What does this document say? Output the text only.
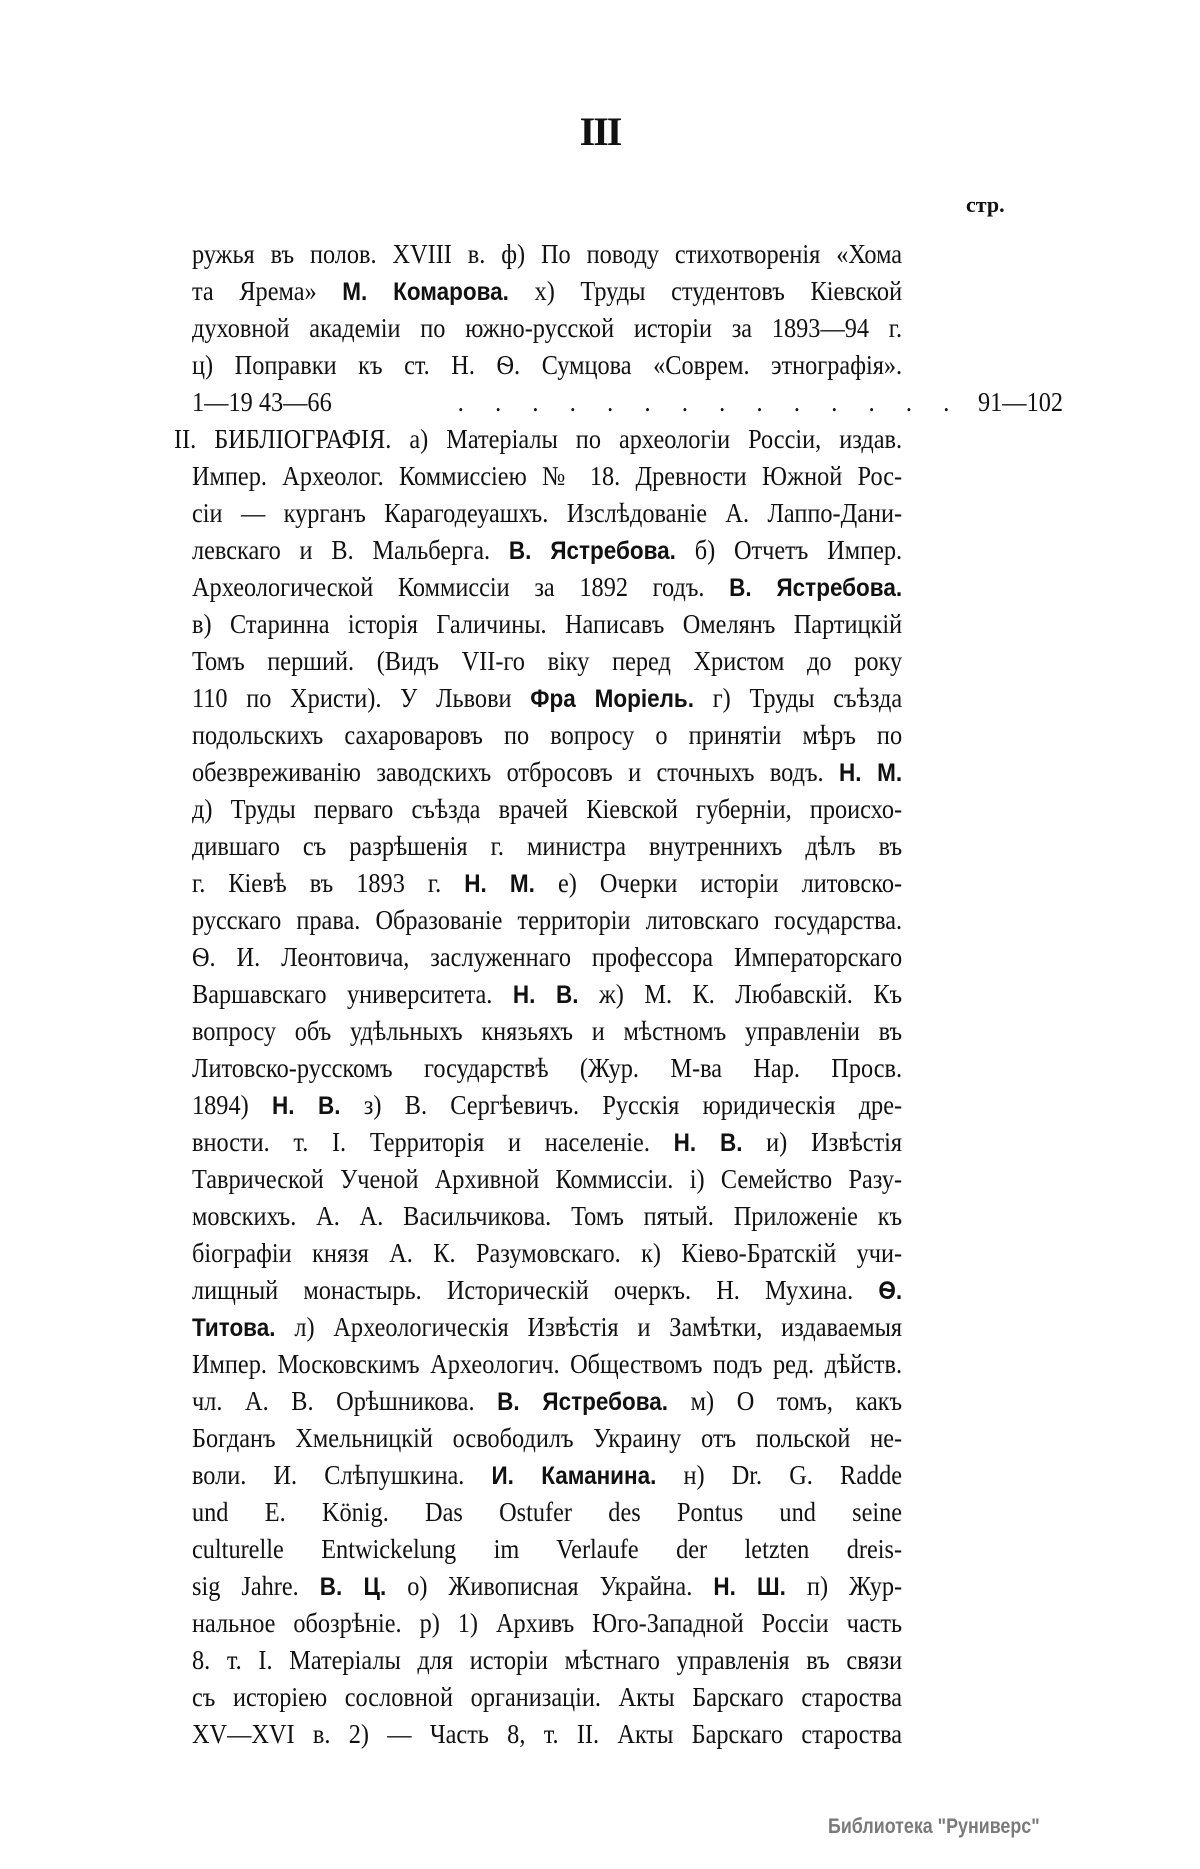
III
стр.
ружья въ полов. XVIII в. ф) По поводу стихотворенія «Хома
та Ярема» М. Комарова. х) Труды студентовъ Кіевской
духовной академіи по южно-русской исторіи за 1893—94 г.
ц) Поправки къ ст. Н. Ѳ. Сумцова «Соврем. этнографія».
1—19 43—66	. . . . . . . . . . . . . .
II. БИБЛІОГРАФІЯ. а) Матеріалы по археологіи Россіи, издав.
Импер. Археолог. Коммиссіею № 18. Древности Южной Рос-
сіи — курганъ Карагодеуашхъ. Изслѣдованіе А. Лаппо-Дани-
левскаго и В. Мальберга. В. Ястребова. б) Отчетъ Импер.
Археологической Коммиссіи за 1892 годъ. В. Ястребова.
в) Старинна історія Галичины. Написавъ Омелянъ Партицкій
Томъ перший. (Видъ VII-го віку перед Христом до року
110 по Христи). У Львови Фра Моріель. г) Труды съѣзда
подольскихъ сахароваровъ по вопросу о принятіи мѣръ по
обезвреживанію заводскихъ отбросовъ и сточныхъ водъ. Н. М.
д) Труды перваго съѣзда врачей Кіевской губерніи, происхо-
дившаго съ разрѣшенія г. министра внутреннихъ дѣлъ въ
г. Кіевѣ въ 1893 г. Н. М. е) Очерки исторіи литовско-
русскаго права. Образованіе территоріи литовскаго государства.
Ѳ. И. Леонтовича, заслуженнаго профессора Императорскаго
Варшавскаго университета. Н. В. ж) М. К. Любавскій. Къ
вопросу объ удѣльныхъ князьяхъ и мѣстномъ управленіи въ
Литовско-русскомъ государствѣ (Жур. М-ва Нар. Просв.
1894) Н. В. з) В. Сергѣевичъ. Русскія юридическія дре-
вности. т. I. Территорія и населеніе. Н. В. и) Извѣстія
Таврической Ученой Архивной Коммиссіи. і) Семейство Разу-
мовскихъ. А. А. Васильчикова. Томъ пятый. Приложеніе къ
біографіи князя А. К. Разумовскаго. к) Кіево-Братскій учи-
лищный монастырь. Историческій очеркъ. Н. Мухина. Ѳ.
Титова. л) Археологическія Извѣстія и Замѣтки, издаваемыя
Импер. Московскимъ Археологич. Обществомъ подъ ред. дѣйств.
чл. А. В. Орѣшникова. В. Ястребова. м) О томъ, какъ
Богданъ Хмельницкій освободилъ Украину отъ польской не-
воли. И. Слѣпушкина. И. Каманина. н) Dr. G. Radde
und E. König. Das Ostufer des Pontus und seine
culturelle Entwickelung im Verlaufe der letzten dreis-
sig Jahre. В. Ц. о) Живописная Украйна. Н. Ш. п) Жур-
нальное обозрѣніе. р) 1) Архивъ Юго-Западной Россіи часть
8. т. I. Матеріалы для исторіи мѣстнаго управленія въ связи
съ исторіею сословной организаціи. Акты Барскаго староства
XV—XVI в. 2) — Часть 8, т. II. Акты Барскаго староства
91—102
Библиотека "Руниверс"
